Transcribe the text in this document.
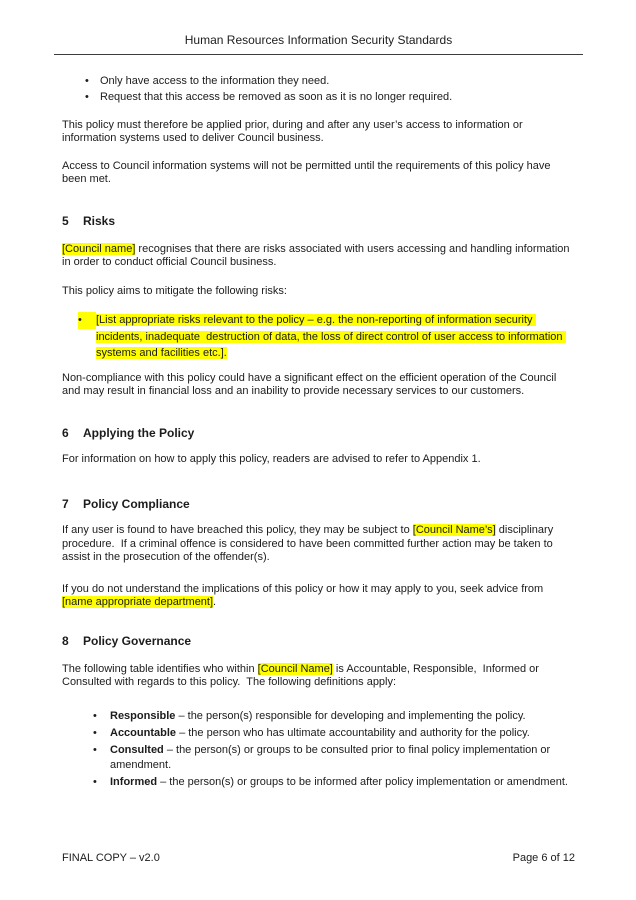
Human Resources Information Security Standards
•
Only have access to the information they need.
•
Request that this access be removed as soon as it is no longer required.

This policy must therefore be applied prior, during and after any user’s access to information or information systems used to deliver Council business.

Access to Council information systems will not be permitted until the requirements of this policy have been met.

5 Risks

[Council name] recognises that there are risks associated with users accessing and handling information in order to conduct official Council business.

This policy aims to mitigate the following risks:

•
[List appropriate risks relevant to the policy – e.g. the non-reporting of information security incidents, inadequate  destruction of data, the loss of direct control of user access to information systems and facilities etc.].

Non-compliance with this policy could have a significant effect on the efficient operation of the Council and may result in financial loss and an inability to provide necessary services to our customers.

6 Applying the Policy

For information on how to apply this policy, readers are advised to refer to Appendix 1.

7 Policy Compliance

If any user is found to have breached this policy, they may be subject to [Council Name’s] disciplinary procedure.  If a criminal offence is considered to have been committed further action may be taken to assist in the prosecution of the offender(s).

If you do not understand the implications of this policy or how it may apply to you, seek advice from [name appropriate department].

8 Policy Governance

The following table identifies who within [Council Name] is Accountable, Responsible,  Informed or Consulted with regards to this policy.  The following definitions apply:

•
Responsible – the person(s) responsible for developing and implementing the policy.
•
Accountable – the person who has ultimate accountability and authority for the policy.
•
Consulted – the person(s) or groups to be consulted prior to final policy implementation or amendment.
•
Informed – the person(s) or groups to be informed after policy implementation or amendment.
FINAL COPY – v2.0	Page 6 of 12
